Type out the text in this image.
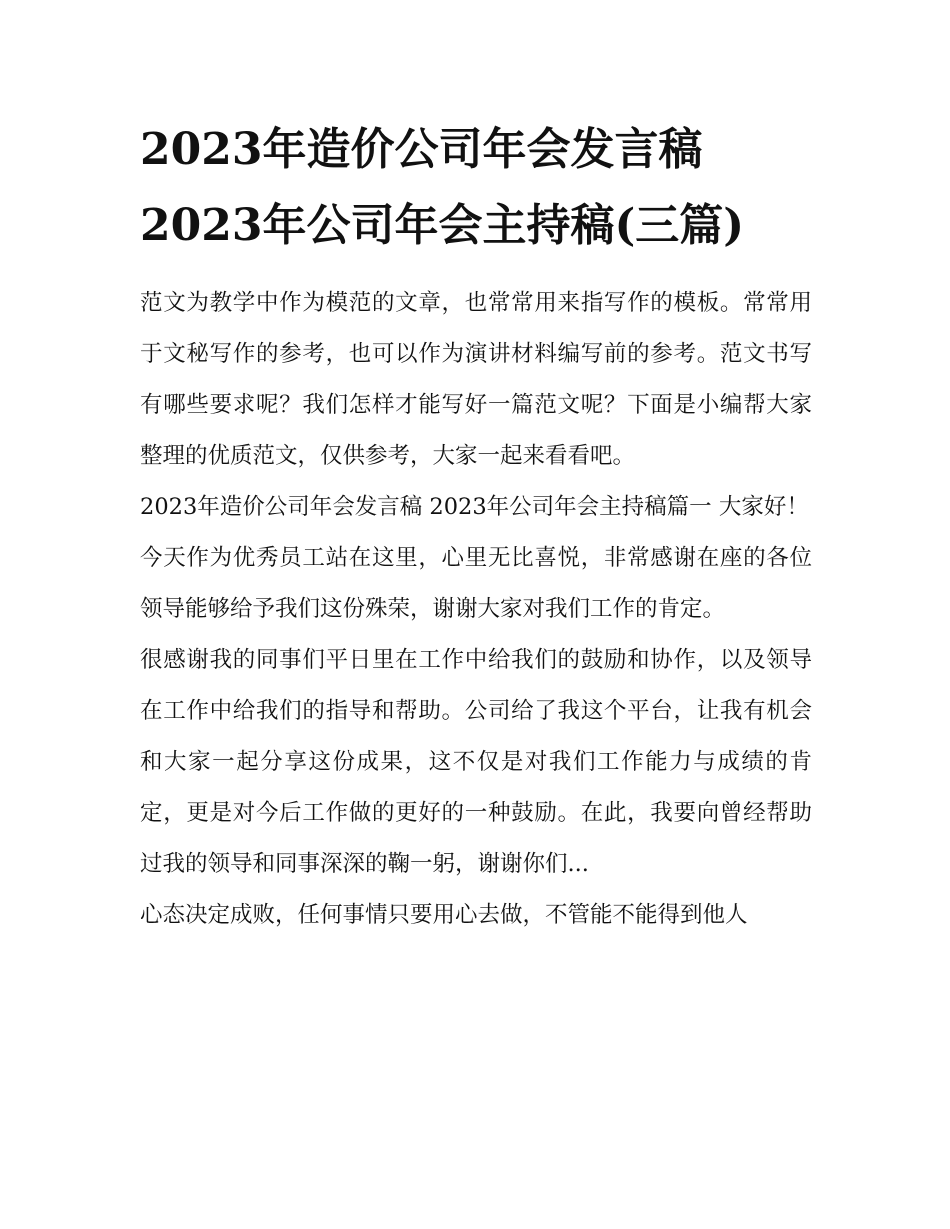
2023年造价公司年会发言稿
2023年公司年会主持稿(三篇)

范文为教学中作为模范的文章，也常常用来指写作的模板。常常用于文秘写作的参考，也可以作为演讲材料编写前的参考。范文书写有哪些要求呢？我们怎样才能写好一篇范文呢？下面是小编帮大家整理的优质范文，仅供参考，大家一起来看看吧。

2023年造价公司年会发言稿 2023年公司年会主持稿篇一 大家好！

今天作为优秀员工站在这里，心里无比喜悦，非常感谢在座的各位领导能够给予我们这份殊荣，谢谢大家对我们工作的肯定。

很感谢我的同事们平日里在工作中给我们的鼓励和协作，以及领导在工作中给我们的指导和帮助。公司给了我这个平台，让我有机会和大家一起分享这份成果，这不仅是对我们工作能力与成绩的肯定，更是对今后工作做的更好的一种鼓励。在此，我要向曾经帮助过我的领导和同事深深的鞠一躬，谢谢你们...

心态决定成败，任何事情只要用心去做，不管能不能得到他人
